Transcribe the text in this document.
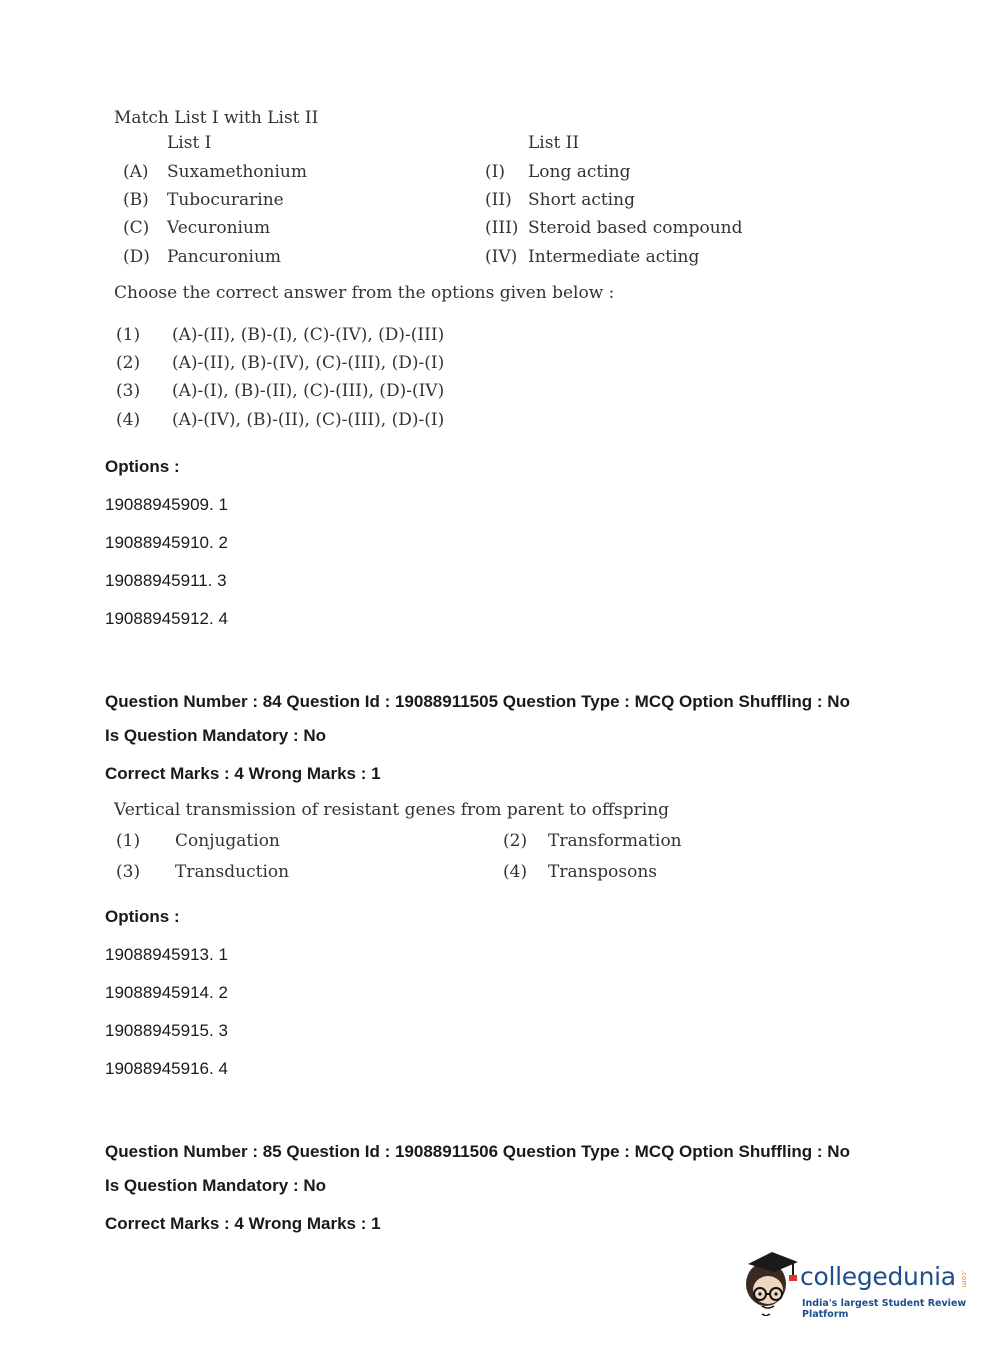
Match List I with List II
List I	List II
(A) Suxamethonium	(I) Long acting
(B) Tubocurarine	(II) Short acting
(C) Vecuronium	(III) Steroid based compound
(D) Pancuronium	(IV) Intermediate acting
Choose the correct answer from the options given below :
(1) (A)-(II), (B)-(I), (C)-(IV), (D)-(III)
(2) (A)-(II), (B)-(IV), (C)-(III), (D)-(I)
(3) (A)-(I), (B)-(II), (C)-(III), (D)-(IV)
(4) (A)-(IV), (B)-(II), (C)-(III), (D)-(I)
Options :
19088945909. 1
19088945910. 2
19088945911. 3
19088945912. 4
Question Number : 84 Question Id : 19088911505 Question Type : MCQ Option Shuffling : No
Is Question Mandatory : No
Correct Marks : 4 Wrong Marks : 1
Vertical transmission of resistant genes from parent to offspring
(1) Conjugation	(2) Transformation
(3) Transduction	(4) Transposons
Options :
19088945913. 1
19088945914. 2
19088945915. 3
19088945916. 4
Question Number : 85 Question Id : 19088911506 Question Type : MCQ Option Shuffling : No
Is Question Mandatory : No
Correct Marks : 4 Wrong Marks : 1
collegedunia .com
India's largest Student Review Platform
